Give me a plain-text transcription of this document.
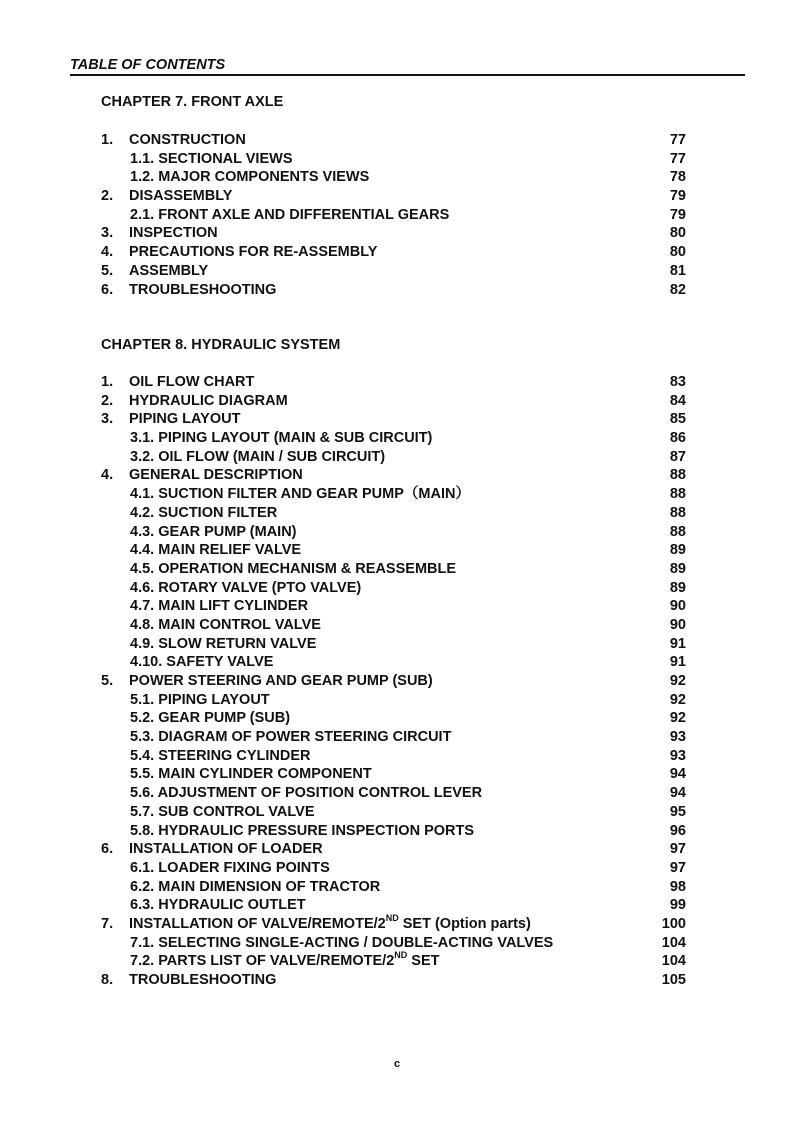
TABLE OF CONTENTS
CHAPTER 7. FRONT AXLE
1. CONSTRUCTION	77
1.1. SECTIONAL VIEWS	77
1.2. MAJOR COMPONENTS VIEWS	78
2. DISASSEMBLY	79
2.1. FRONT AXLE AND DIFFERENTIAL GEARS	79
3. INSPECTION	80
4. PRECAUTIONS FOR RE-ASSEMBLY	80
5. ASSEMBLY	81
6. TROUBLESHOOTING	82
CHAPTER 8. HYDRAULIC SYSTEM
1. OIL FLOW CHART	83
2. HYDRAULIC DIAGRAM	84
3. PIPING LAYOUT	85
3.1. PIPING LAYOUT (MAIN & SUB CIRCUIT)	86
3.2. OIL FLOW (MAIN / SUB CIRCUIT)	87
4. GENERAL DESCRIPTION	88
4.1. SUCTION FILTER AND GEAR PUMP（MAIN）	88
4.2. SUCTION FILTER	88
4.3. GEAR PUMP (MAIN)	88
4.4. MAIN RELIEF VALVE	89
4.5. OPERATION MECHANISM & REASSEMBLE	89
4.6. ROTARY VALVE (PTO VALVE)	89
4.7. MAIN LIFT CYLINDER	90
4.8. MAIN CONTROL VALVE	90
4.9. SLOW RETURN VALVE	91
4.10. SAFETY VALVE	91
5. POWER STEERING AND GEAR PUMP (SUB)	92
5.1. PIPING LAYOUT	92
5.2. GEAR PUMP (SUB)	92
5.3. DIAGRAM OF POWER STEERING CIRCUIT	93
5.4. STEERING CYLINDER	93
5.5. MAIN CYLINDER COMPONENT	94
5.6. ADJUSTMENT OF POSITION CONTROL LEVER	94
5.7. SUB CONTROL VALVE	95
5.8. HYDRAULIC PRESSURE INSPECTION PORTS	96
6. INSTALLATION OF LOADER	97
6.1. LOADER FIXING POINTS	97
6.2. MAIN DIMENSION OF TRACTOR	98
6.3. HYDRAULIC OUTLET	99
7. INSTALLATION OF VALVE/REMOTE/2ND SET (Option parts)	100
7.1. SELECTING SINGLE-ACTING / DOUBLE-ACTING VALVES	104
7.2. PARTS LIST OF VALVE/REMOTE/2ND SET	104
8. TROUBLESHOOTING	105
c
